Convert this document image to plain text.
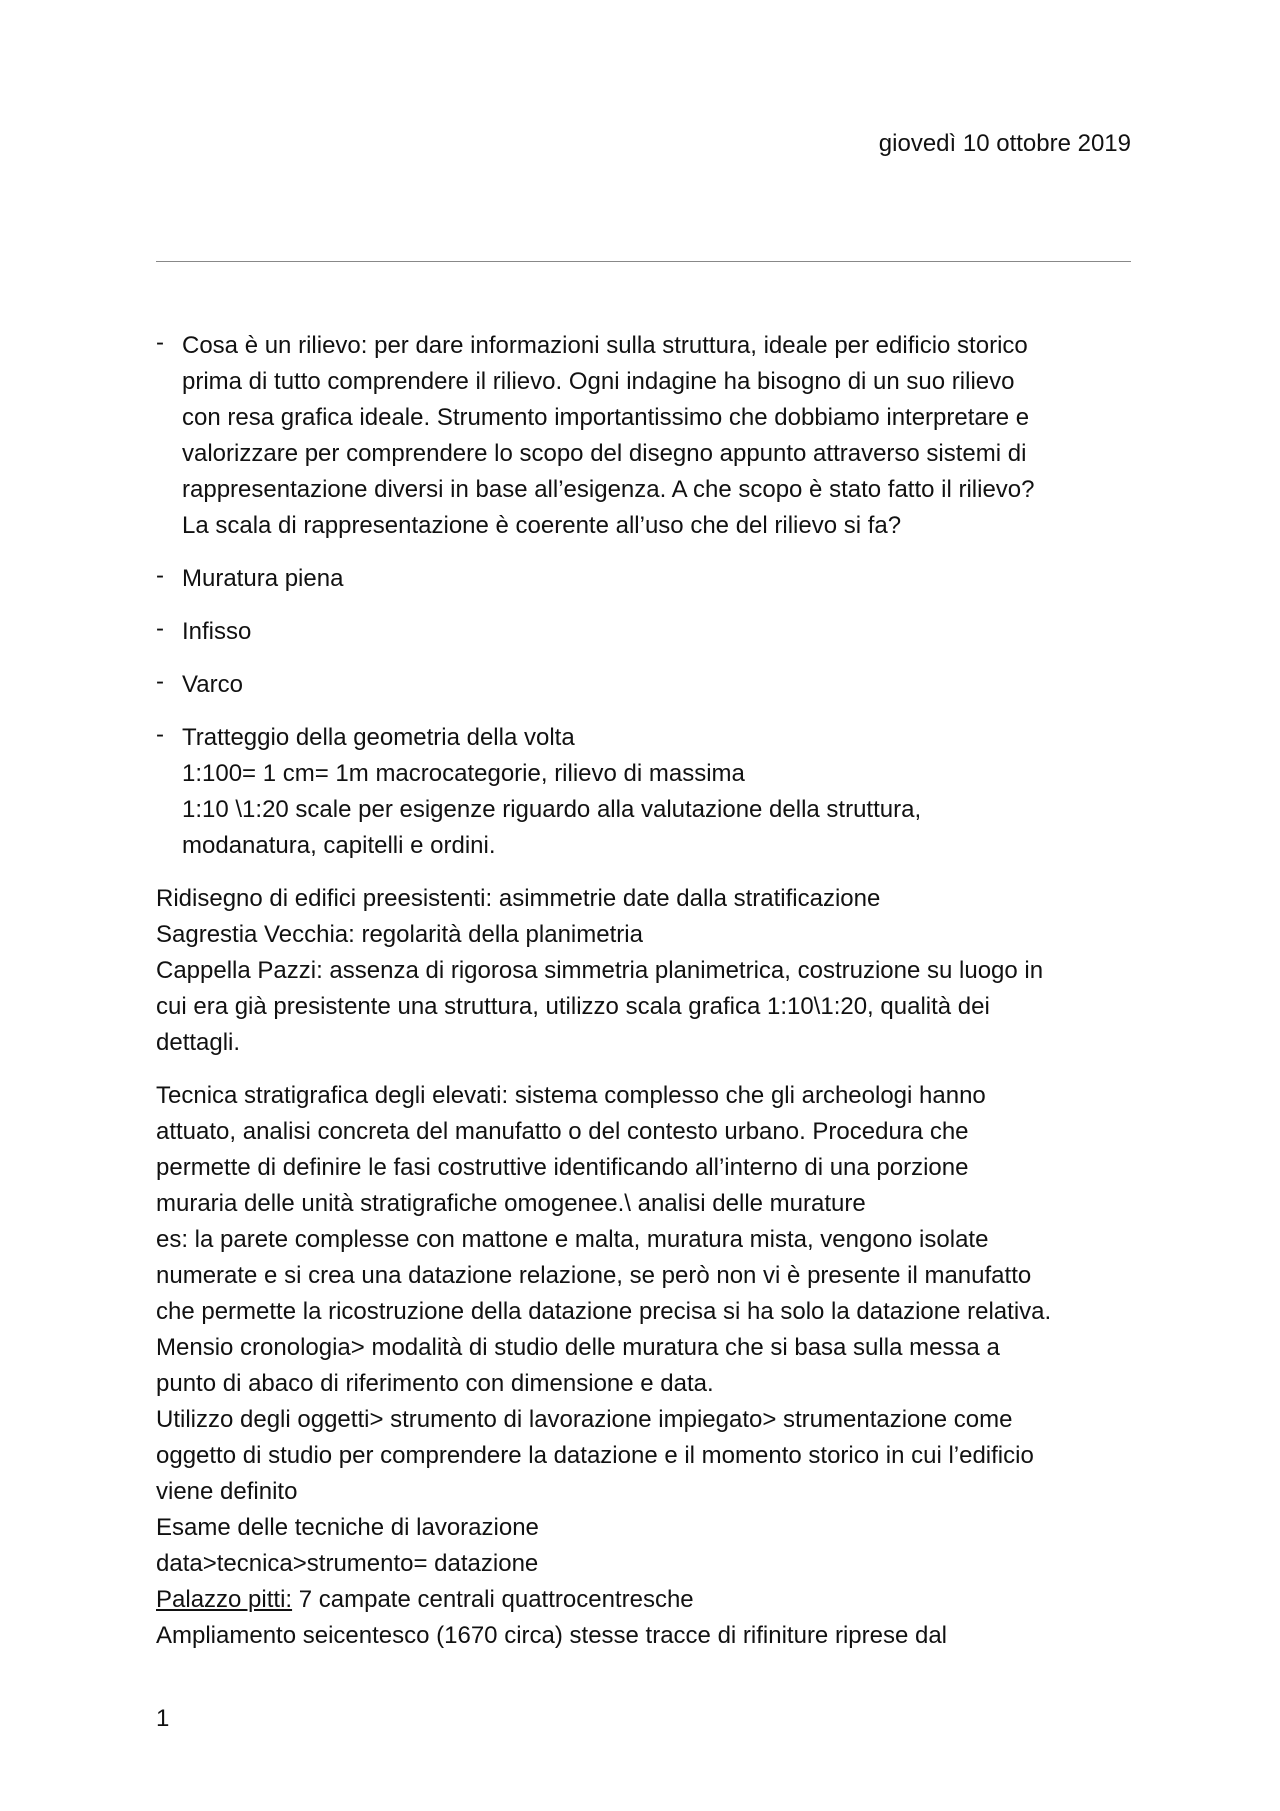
giovedì 10 ottobre 2019
- Cosa è un rilievo: per dare informazioni sulla struttura, ideale per edificio storico
prima di tutto comprendere il rilievo. Ogni indagine ha bisogno di un suo rilievo
con resa grafica ideale. Strumento importantissimo che dobbiamo interpretare e
valorizzare per comprendere lo scopo del disegno appunto attraverso sistemi di
rappresentazione diversi in base all’esigenza. A che scopo è stato fatto il rilievo?
La scala di rappresentazione è coerente all’uso che del rilievo si fa?
- Muratura piena
- Infisso
- Varco
- Tratteggio della geometria della volta
1:100= 1 cm= 1m macrocategorie, rilievo di massima
1:10 \1:20 scale per esigenze riguardo alla valutazione della struttura,
modanatura, capitelli e ordini.
Ridisegno di edifici preesistenti: asimmetrie date dalla stratificazione
Sagrestia Vecchia: regolarità della planimetria
Cappella Pazzi: assenza di rigorosa simmetria planimetrica, costruzione su luogo in
cui era già presistente una struttura, utilizzo scala grafica 1:10\1:20, qualità dei
dettagli.
Tecnica stratigrafica degli elevati: sistema complesso che gli archeologi hanno
attuato, analisi concreta del manufatto o del contesto urbano. Procedura che
permette di definire le fasi costruttive identificando all’interno di una porzione
muraria delle unità stratigrafiche omogenee.\ analisi delle murature
es: la parete complesse con mattone e malta, muratura mista, vengono isolate
numerate e si crea una datazione relazione, se però non vi è presente il manufatto
che permette la ricostruzione della datazione precisa si ha solo la datazione relativa.
Mensio cronologia> modalità di studio delle muratura che si basa sulla messa a
punto di abaco di riferimento con dimensione e data.
Utilizzo degli oggetti> strumento di lavorazione impiegato> strumentazione come
oggetto di studio per comprendere la datazione e il momento storico in cui l’edificio
viene definito
Esame delle tecniche di lavorazione
data>tecnica>strumento= datazione
Palazzo pitti: 7 campate centrali quattrocentresche
Ampliamento seicentesco (1670 circa) stesse tracce di rifiniture riprese dal
1
